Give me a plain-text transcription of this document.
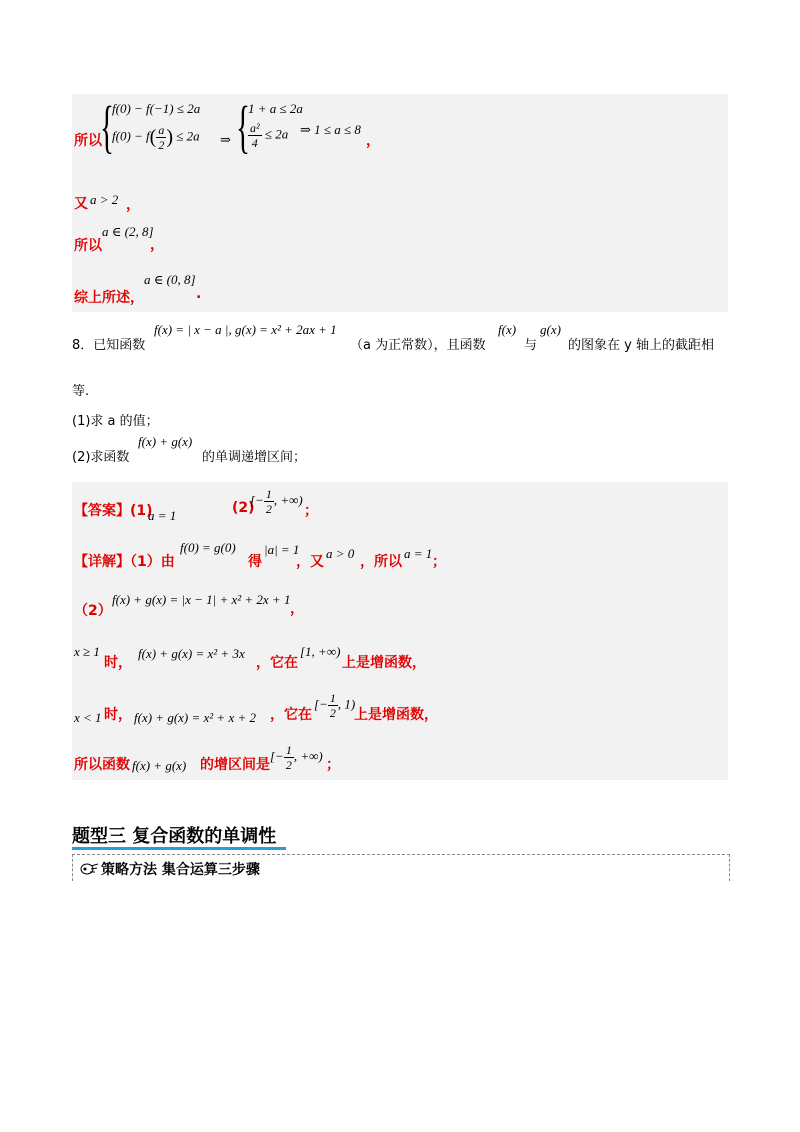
所以
{
f(0) − f(−1) ≤ 2a
$f(0) - f( \frac{a}{2}$ ) ≤ 2a ⇒ {
1 + a ≤ 2a
$\frac{\text{a²}}{4} \le 2a$ ⇒ 1 ≤ a ≤ 8
，
又 a > 2 ，
所以
a ∈ (2, 8]
，
综上所述，
a ∈ (0, 8]
.
8．已知函数
f(x) = | x − a |, g(x) = x² + 2ax + 1
（a 为正常数），且函数
f(x)
与
g(x)
的图象在 y 轴上的截距相
等.
(1)求 a 的值；
(2)求函数
f(x) + g(x)
的单调递增区间；
【答案】(1)
a = 1	(2)
[− $\frac{1}{2}$ , +∞)
；
【详解】（1）由
f(0) = g(0)
得
|a| = 1
，又
a > 0
，所以
a = 1
；
（2）
f(x) + g(x) = |x − 1| + x² + 2x + 1
，
x ≥ 1
时，
f(x) + g(x) = x² + 3x
，它在
[1, +∞)
上是增函数，
x < 1 时， f(x) + g(x) = x² + x + 2 ，它在
[− $\frac{1}{2}$ , 1)
上是增函数，
所以函数 f(x) + g(x) 的增区间是
[− $\frac{1}{2}$ , +∞)
；
题型三 复合函数的单调性
策略方法 集合运算三步骤
